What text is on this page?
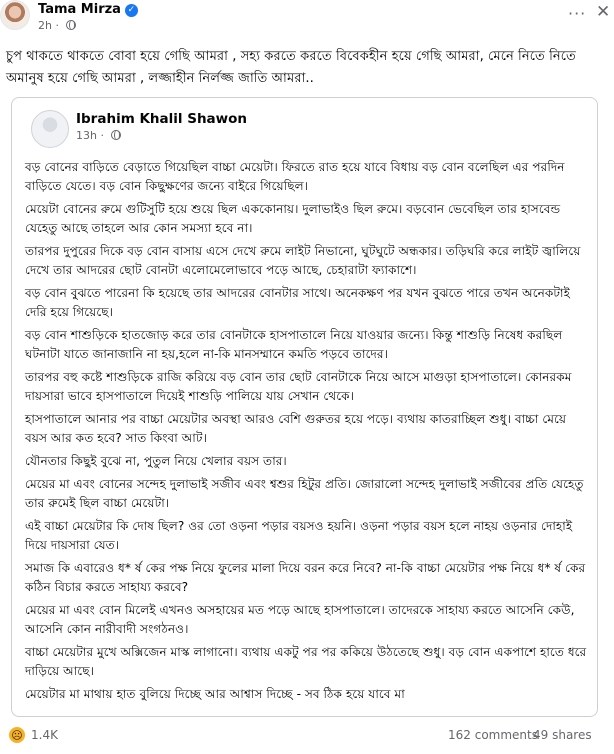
Tama Mirza ✓
2h ·
··· ✕
চুপ থাকতে থাকতে বোবা হয়ে গেছি আমরা , সহ্য করতে করতে বিবেকহীন হয়ে গেছি আমরা, মেনে নিতে নিতে অমানুষ হয়ে গেছি আমরা , লজ্জাহীন নির্লজ্জ জাতি আমরা..
Ibrahim Khalil Shawon
13h ·

বড় বোনের বাড়িতে বেড়াতে গিয়েছিল বাচ্চা মেয়েটা। ফিরতে রাত হয়ে যাবে বিধায় বড় বোন বলেছিল এর পরদিন বাড়িতে যেতে। বড় বোন কিছুক্ষণের জন্যে বাইরে গিয়েছিল।

মেয়েটা বোনের রুমে গুটিসুটি হয়ে শুয়ে ছিল এককোনায়। দুলাভাইও ছিল রুমে। বড়বোন ভেবেছিল তার হাসবেন্ড যেহেতু আছে তাহলে আর কোন সমস্যা হবে না।

তারপর দুপুরের দিকে বড় বোন বাসায় এসে দেখে রুমে লাইট নিভানো, ঘুটঘুটে অন্ধকার। তড়িঘরি করে লাইট জ্বালিয়ে দেখে তার আদরের ছোট বোনটা এলোমেলোভাবে পড়ে আছে, চেহারাটা ফ্যাকাশে।

বড় বোন বুঝতে পারেনা কি হয়েছে তার আদরের বোনটার সাথে। অনেকক্ষণ পর যখন বুঝতে পারে তখন অনেকটাই দেরি হয়ে গিয়েছে।

বড় বোন শাশুড়িকে হাতজোড় করে তার বোনটাকে হাসপাতালে নিয়ে যাওয়ার জন্যে। কিন্তু শাশুড়ি নিষেধ করছিল ঘটনাটা যাতে জানাজানি না হয়,হলে না-কি মানসম্মানে কমতি পড়বে তাদের।

তারপর বহু কষ্টে শাশুড়িকে রাজি করিয়ে বড় বোন তার ছোট বোনটাকে নিয়ে আসে মাগুড়া হাসপাতালে। কোনরকম দায়সারা ভাবে হাসপাতালে দিয়েই শাশুড়ি পালিয়ে যায় সেখান থেকে।

হাসপাতালে আনার পর বাচ্চা মেয়েটার অবস্থা আরও বেশি গুরুতর হয়ে পড়ে। ব্যথায় কাতরাচ্ছিল শুধু। বাচ্চা মেয়ে বয়স আর কত হবে? সাত কিংবা আট।

যৌনতার কিছুই বুঝে না, পুতুল নিয়ে খেলার বয়স তার।

মেয়ের মা এবং বোনের সন্দেহ দুলাভাই সজীব এবং শ্বশুর হিটুর প্রতি। জোরালো সন্দেহ দুলাভাই সজীবের প্রতি যেহেতু তার রুমেই ছিল বাচ্চা মেয়েটা।

এই বাচ্চা মেয়েটার কি দোষ ছিল? ওর তো ওড়না পড়ার বয়সও হয়নি। ওড়না পড়ার বয়স হলে নাহয় ওড়নার দোহাই দিয়ে দায়সারা যেত।

সমাজ কি এবারেও ধ* র্ষ কের পক্ষ নিয়ে ফুলের মালা দিয়ে বরন করে নিবে? না-কি বাচ্চা মেয়েটার পক্ষ নিয়ে ধ* র্ষ কের কঠিন বিচার করতে সাহায্য করবে?

মেয়ের মা এবং বোন মিলেই এখনও অসহায়ের মত পড়ে আছে হাসপাতালে। তাদেরকে সাহায্য করতে আসেনি কেউ, আসেনি কোন নারীবাদী সংগঠনও।

বাচ্চা মেয়েটার মুখে অক্সিজেন মাস্ক লাগানো। ব্যথায় একটু পর পর ককিয়ে উঠতেছে শুধু। বড় বোন একপাশে হাতে ধরে দাড়িয়ে আছে।

মেয়েটার মা মাথায় হাত বুলিয়ে দিচ্ছে আর আশ্বাস দিচ্ছে - সব ঠিক হয়ে যাবে মা

☹ 1.4K	162 comments
49 shares
